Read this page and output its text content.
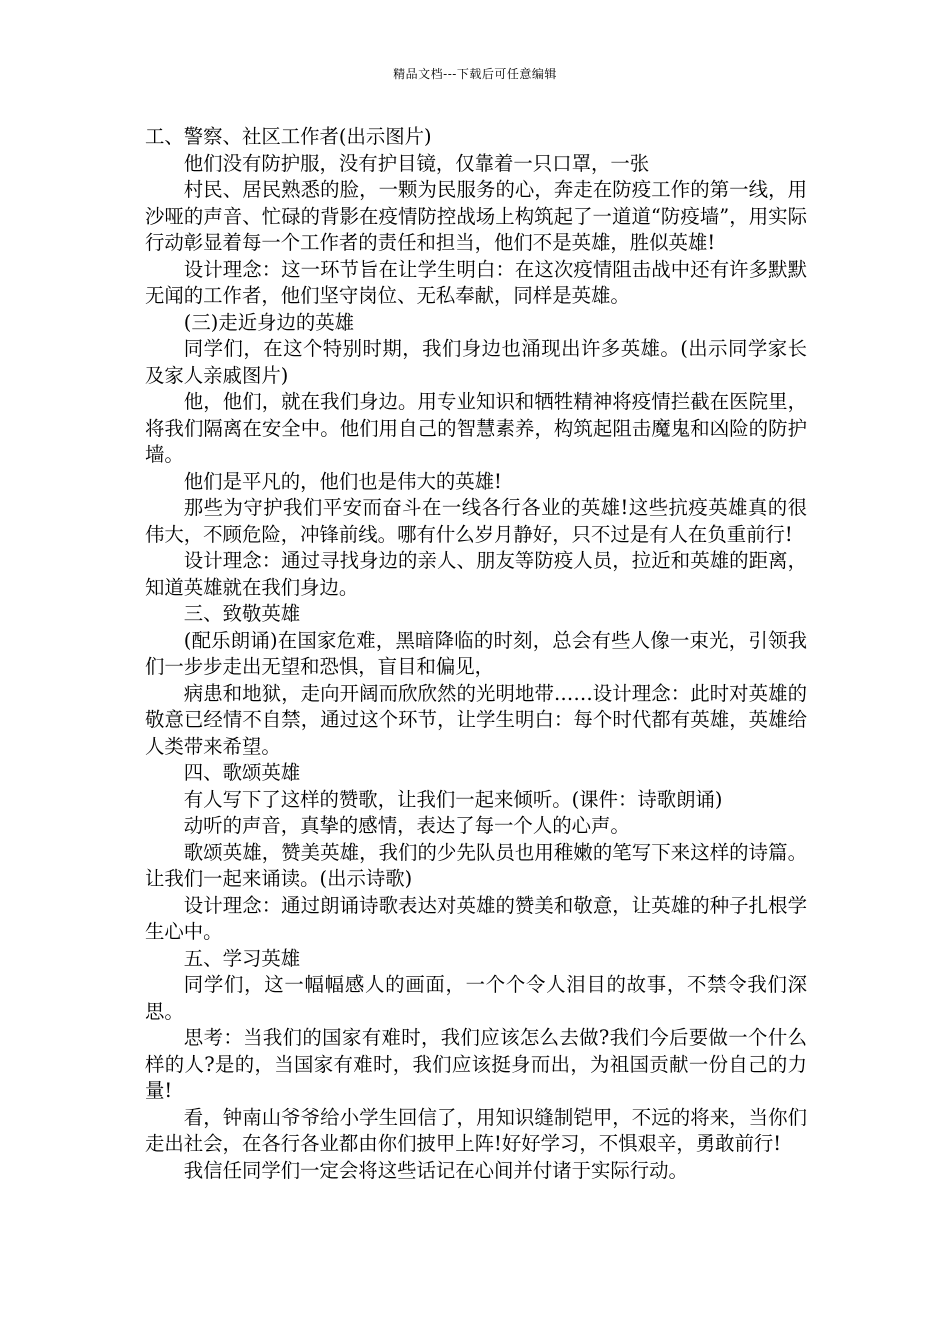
精品文档---下载后可任意编辑

工、警察、社区工作者(出示图片)

他们没有防护服，没有护目镜，仅靠着一只口罩，一张

村民、居民熟悉的脸，一颗为民服务的心，奔走在防疫工作的第一线，用沙哑的声音、忙碌的背影在疫情防控战场上构筑起了一道道“防疫墙”，用实际行动彰显着每一个工作者的责任和担当，他们不是英雄，胜似英雄!

设计理念：这一环节旨在让学生明白：在这次疫情阻击战中还有许多默默无闻的工作者，他们坚守岗位、无私奉献，同样是英雄。

(三)走近身边的英雄

同学们，在这个特别时期，我们身边也涌现出许多英雄。(出示同学家长及家人亲戚图片)

他，他们，就在我们身边。用专业知识和牺牲精神将疫情拦截在医院里，将我们隔离在安全中。他们用自己的智慧素养，构筑起阻击魔鬼和凶险的防护墙。

他们是平凡的，他们也是伟大的英雄!

那些为守护我们平安而奋斗在一线各行各业的英雄!这些抗疫英雄真的很伟大，不顾危险，冲锋前线。哪有什么岁月静好，只不过是有人在负重前行!

设计理念：通过寻找身边的亲人、朋友等防疫人员，拉近和英雄的距离，知道英雄就在我们身边。

三、致敬英雄

(配乐朗诵)在国家危难，黑暗降临的时刻，总会有些人像一束光，引领我们一步步走出无望和恐惧，盲目和偏见，

病患和地狱，走向开阔而欣欣然的光明地带……设计理念：此时对英雄的敬意已经情不自禁，通过这个环节，让学生明白：每个时代都有英雄，英雄给人类带来希望。

四、歌颂英雄

有人写下了这样的赞歌，让我们一起来倾听。(课件：诗歌朗诵)

动听的声音，真挚的感情，表达了每一个人的心声。

歌颂英雄，赞美英雄，我们的少先队员也用稚嫩的笔写下来这样的诗篇。让我们一起来诵读。(出示诗歌)

设计理念：通过朗诵诗歌表达对英雄的赞美和敬意，让英雄的种子扎根学生心中。

五、学习英雄

同学们，这一幅幅感人的画面，一个个令人泪目的故事，不禁令我们深思。

思考：当我们的国家有难时，我们应该怎么去做?我们今后要做一个什么样的人?是的，当国家有难时，我们应该挺身而出，为祖国贡献一份自己的力量!

看，钟南山爷爷给小学生回信了，用知识缝制铠甲，不远的将来，当你们走出社会，在各行各业都由你们披甲上阵!好好学习，不惧艰辛，勇敢前行!

我信任同学们一定会将这些话记在心间并付诸于实际行动。
